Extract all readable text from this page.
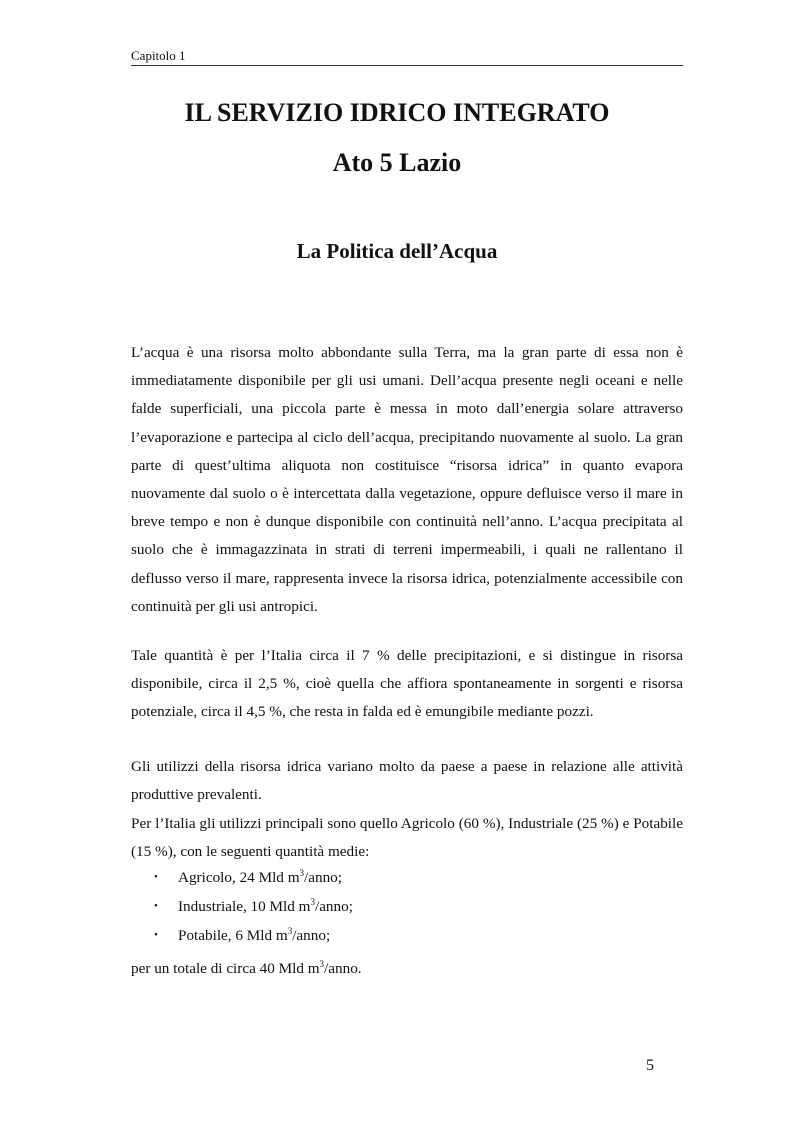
Capitolo 1
IL SERVIZIO IDRICO INTEGRATO
Ato 5 Lazio
La Politica dell’Acqua

L’acqua è una risorsa molto abbondante sulla Terra, ma la gran parte di essa non è immediatamente disponibile per gli usi umani. Dell’acqua presente negli oceani e nelle falde superficiali, una piccola parte è messa in moto dall’energia solare attraverso l’evaporazione e partecipa al ciclo dell’acqua, precipitando nuovamente al suolo. La gran parte di quest’ultima aliquota non costituisce “risorsa idrica” in quanto evapora nuovamente dal suolo o è intercettata dalla vegetazione, oppure defluisce verso il mare in breve tempo e non è dunque disponibile con continuità nell’anno. L’acqua precipitata al suolo che è immagazzinata in strati di terreni impermeabili, i quali ne rallentano il deflusso verso il mare, rappresenta invece la risorsa idrica, potenzialmente accessibile con continuità per gli usi antropici.

Tale quantità è per l’Italia circa il 7 % delle precipitazioni, e si distingue in risorsa disponibile, circa il 2,5 %, cioè quella che affiora spontaneamente in sorgenti e risorsa potenziale, circa il 4,5 %, che resta in falda ed è emungibile mediante pozzi.

Gli utilizzi della risorsa idrica variano molto da paese a paese in relazione alle attività produttive prevalenti.

Per l’Italia gli utilizzi principali sono quello Agricolo (60 %), Industriale (25 %) e Potabile (15 %), con le seguenti quantità medie:

• Agricolo, 24 Mld $m^3$/anno;
• Industriale, 10 Mld $m^3$/anno;
• Potabile, 6 Mld $m^3$/anno;

per un totale di circa 40 Mld $m^3$/anno.

5
